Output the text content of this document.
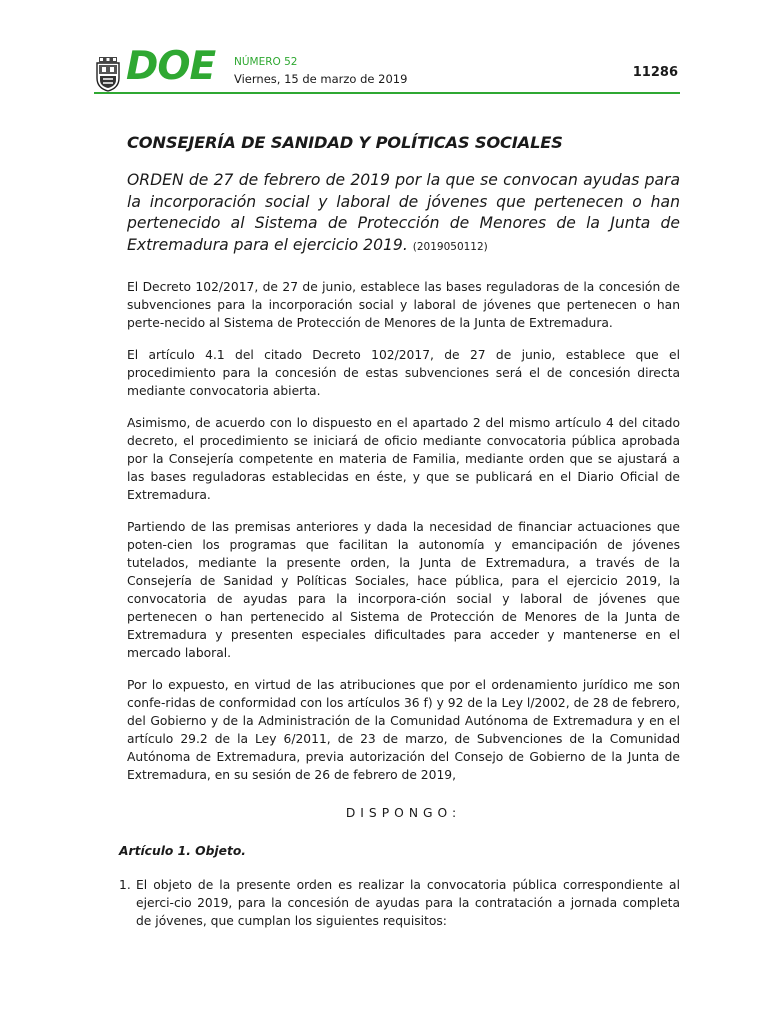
DOE NÚMERO 52
Viernes, 15 de marzo de 2019	11286
CONSEJERÍA DE SANIDAD Y POLÍTICAS SOCIALES
ORDEN de 27 de febrero de 2019 por la que se convocan ayudas para la incorporación social y laboral de jóvenes que pertenecen o han pertenecido al Sistema de Protección de Menores de la Junta de Extremadura para el ejercicio 2019. (2019050112)

El Decreto 102/2017, de 27 de junio, establece las bases reguladoras de la concesión de subvenciones para la incorporación social y laboral de jóvenes que pertenecen o han perte-necido al Sistema de Protección de Menores de la Junta de Extremadura.

El artículo 4.1 del citado Decreto 102/2017, de 27 de junio, establece que el procedimiento para la concesión de estas subvenciones será el de concesión directa mediante convocatoria abierta.

Asimismo, de acuerdo con lo dispuesto en el apartado 2 del mismo artículo 4 del citado decreto, el procedimiento se iniciará de oficio mediante convocatoria pública aprobada por la Consejería competente en materia de Familia, mediante orden que se ajustará a las bases reguladoras establecidas en éste, y que se publicará en el Diario Oficial de Extremadura.

Partiendo de las premisas anteriores y dada la necesidad de financiar actuaciones que poten-cien los programas que facilitan la autonomía y emancipación de jóvenes tutelados, mediante la presente orden, la Junta de Extremadura, a través de la Consejería de Sanidad y Políticas Sociales, hace pública, para el ejercicio 2019, la convocatoria de ayudas para la incorpora-ción social y laboral de jóvenes que pertenecen o han pertenecido al Sistema de Protección de Menores de la Junta de Extremadura y presenten especiales dificultades para acceder y mantenerse en el mercado laboral.

Por lo expuesto, en virtud de las atribuciones que por el ordenamiento jurídico me son confe-ridas de conformidad con los artículos 36 f) y 92 de la Ley l/2002, de 28 de febrero, del Gobierno y de la Administración de la Comunidad Autónoma de Extremadura y en el artículo 29.2 de la Ley 6/2011, de 23 de marzo, de Subvenciones de la Comunidad Autónoma de Extremadura, previa autorización del Consejo de Gobierno de la Junta de Extremadura, en su sesión de 26 de febrero de 2019,

DISPONGO:
Artículo 1. Objeto.
1. El objeto de la presente orden es realizar la convocatoria pública correspondiente al ejerci-cio 2019, para la concesión de ayudas para la contratación a jornada completa de jóvenes, que cumplan los siguientes requisitos:
